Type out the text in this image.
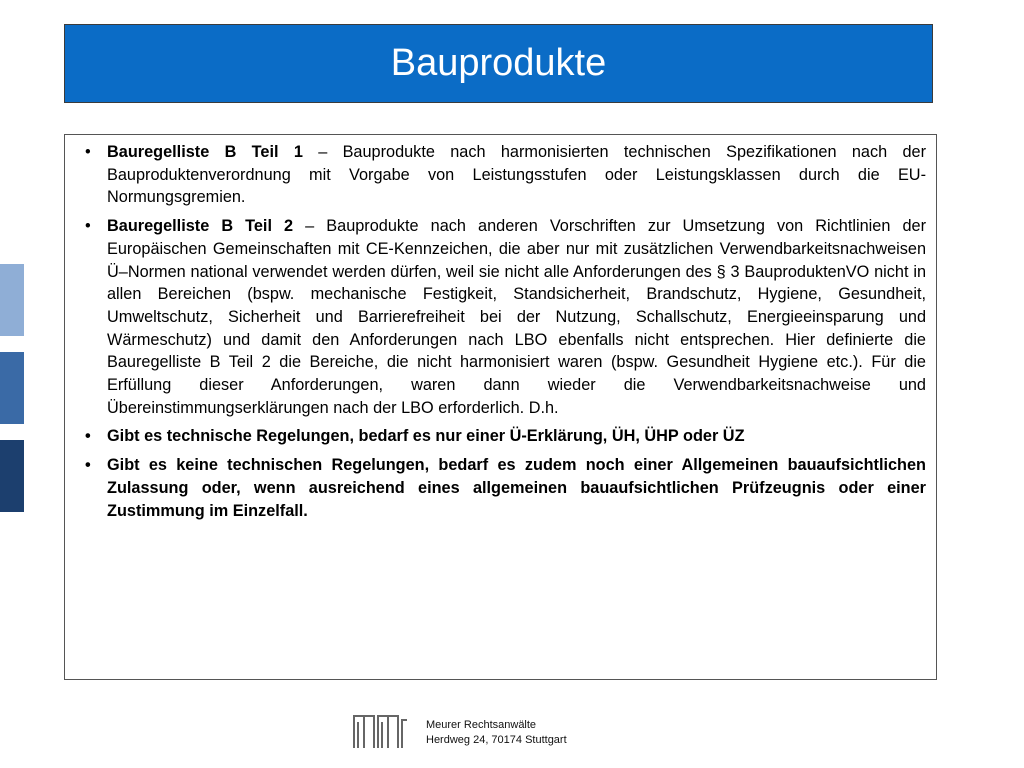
Bauprodukte
• Bauregelliste B Teil 1 – Bauprodukte nach harmonisierten technischen Spezifikationen nach der Bauproduktenverordnung mit Vorgabe von Leistungsstufen oder Leistungsklassen durch die EU-Normungsgremien.
• Bauregelliste B Teil 2 – Bauprodukte nach anderen Vorschriften zur Umsetzung von Richtlinien der Europäischen Gemeinschaften mit CE-Kennzeichen, die aber nur mit zusätzlichen Verwendbarkeitsnachweisen Ü–Normen national verwendet werden dürfen, weil sie nicht alle Anforderungen des § 3 BauproduktenVO nicht in allen Bereichen (bspw. mechanische Festigkeit, Standsicherheit, Brandschutz, Hygiene, Gesundheit, Umweltschutz, Sicherheit und Barrierefreiheit bei der Nutzung, Schallschutz, Energieeinsparung und Wärmeschutz) und damit den Anforderungen nach LBO ebenfalls nicht entsprechen. Hier definierte die Bauregelliste B Teil 2 die Bereiche, die nicht harmonisiert waren (bspw. Gesundheit Hygiene etc.). Für die Erfüllung dieser Anforderungen, waren dann wieder die Verwendbarkeitsnachweise und Übereinstimmungserklärungen nach der LBO erforderlich. D.h.
• Gibt es technische Regelungen, bedarf es nur einer Ü-Erklärung, ÜH, ÜHP oder ÜZ
• Gibt es keine technischen Regelungen, bedarf es zudem noch einer Allgemeinen bauaufsichtlichen Zulassung oder, wenn ausreichend eines allgemeinen bauaufsichtlichen Prüfzeugnis oder einer Zustimmung im Einzelfall.
Meurer Rechtsanwälte
Herdweg 24, 70174 Stuttgart
